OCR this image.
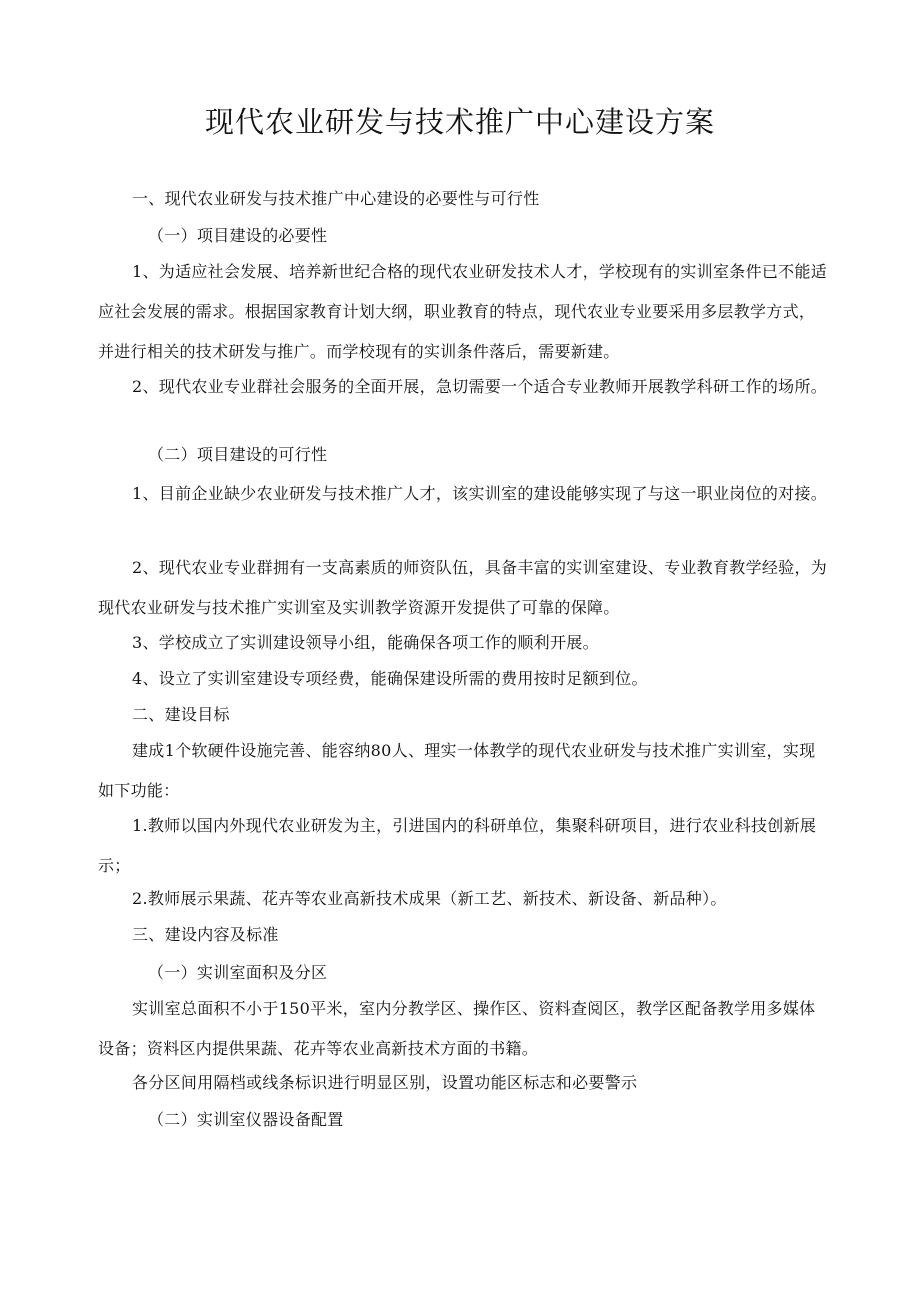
现代农业研发与技术推广中心建设方案

一、现代农业研发与技术推广中心建设的必要性与可行性

（一）项目建设的必要性

1、为适应社会发展、培养新世纪合格的现代农业研发技术人才，学校现有的实训室条件已不能适应社会发展的需求。根据国家教育计划大纲，职业教育的特点，现代农业专业要采用多层教学方式，并进行相关的技术研发与推广。而学校现有的实训条件落后，需要新建。

2、现代农业专业群社会服务的全面开展，急切需要一个适合专业教师开展教学科研工作的场所。

（二）项目建设的可行性

1、目前企业缺少农业研发与技术推广人才，该实训室的建设能够实现了与这一职业岗位的对接。

2、现代农业专业群拥有一支高素质的师资队伍，具备丰富的实训室建设、专业教育教学经验，为现代农业研发与技术推广实训室及实训教学资源开发提供了可靠的保障。

3、学校成立了实训建设领导小组，能确保各项工作的顺利开展。

4、设立了实训室建设专项经费，能确保建设所需的费用按时足额到位。

二、建设目标

建成1个软硬件设施完善、能容纳80人、理实一体教学的现代农业研发与技术推广实训室，实现如下功能：

1.教师以国内外现代农业研发为主，引进国内的科研单位，集聚科研项目，进行农业科技创新展示；

2.教师展示果蔬、花卉等农业高新技术成果（新工艺、新技术、新设备、新品种）。

三、建设内容及标准

（一）实训室面积及分区

实训室总面积不小于150平米，室内分教学区、操作区、资料查阅区，教学区配备教学用多媒体设备；资料区内提供果蔬、花卉等农业高新技术方面的书籍。

各分区间用隔档或线条标识进行明显区别，设置功能区标志和必要警示

（二）实训室仪器设备配置
